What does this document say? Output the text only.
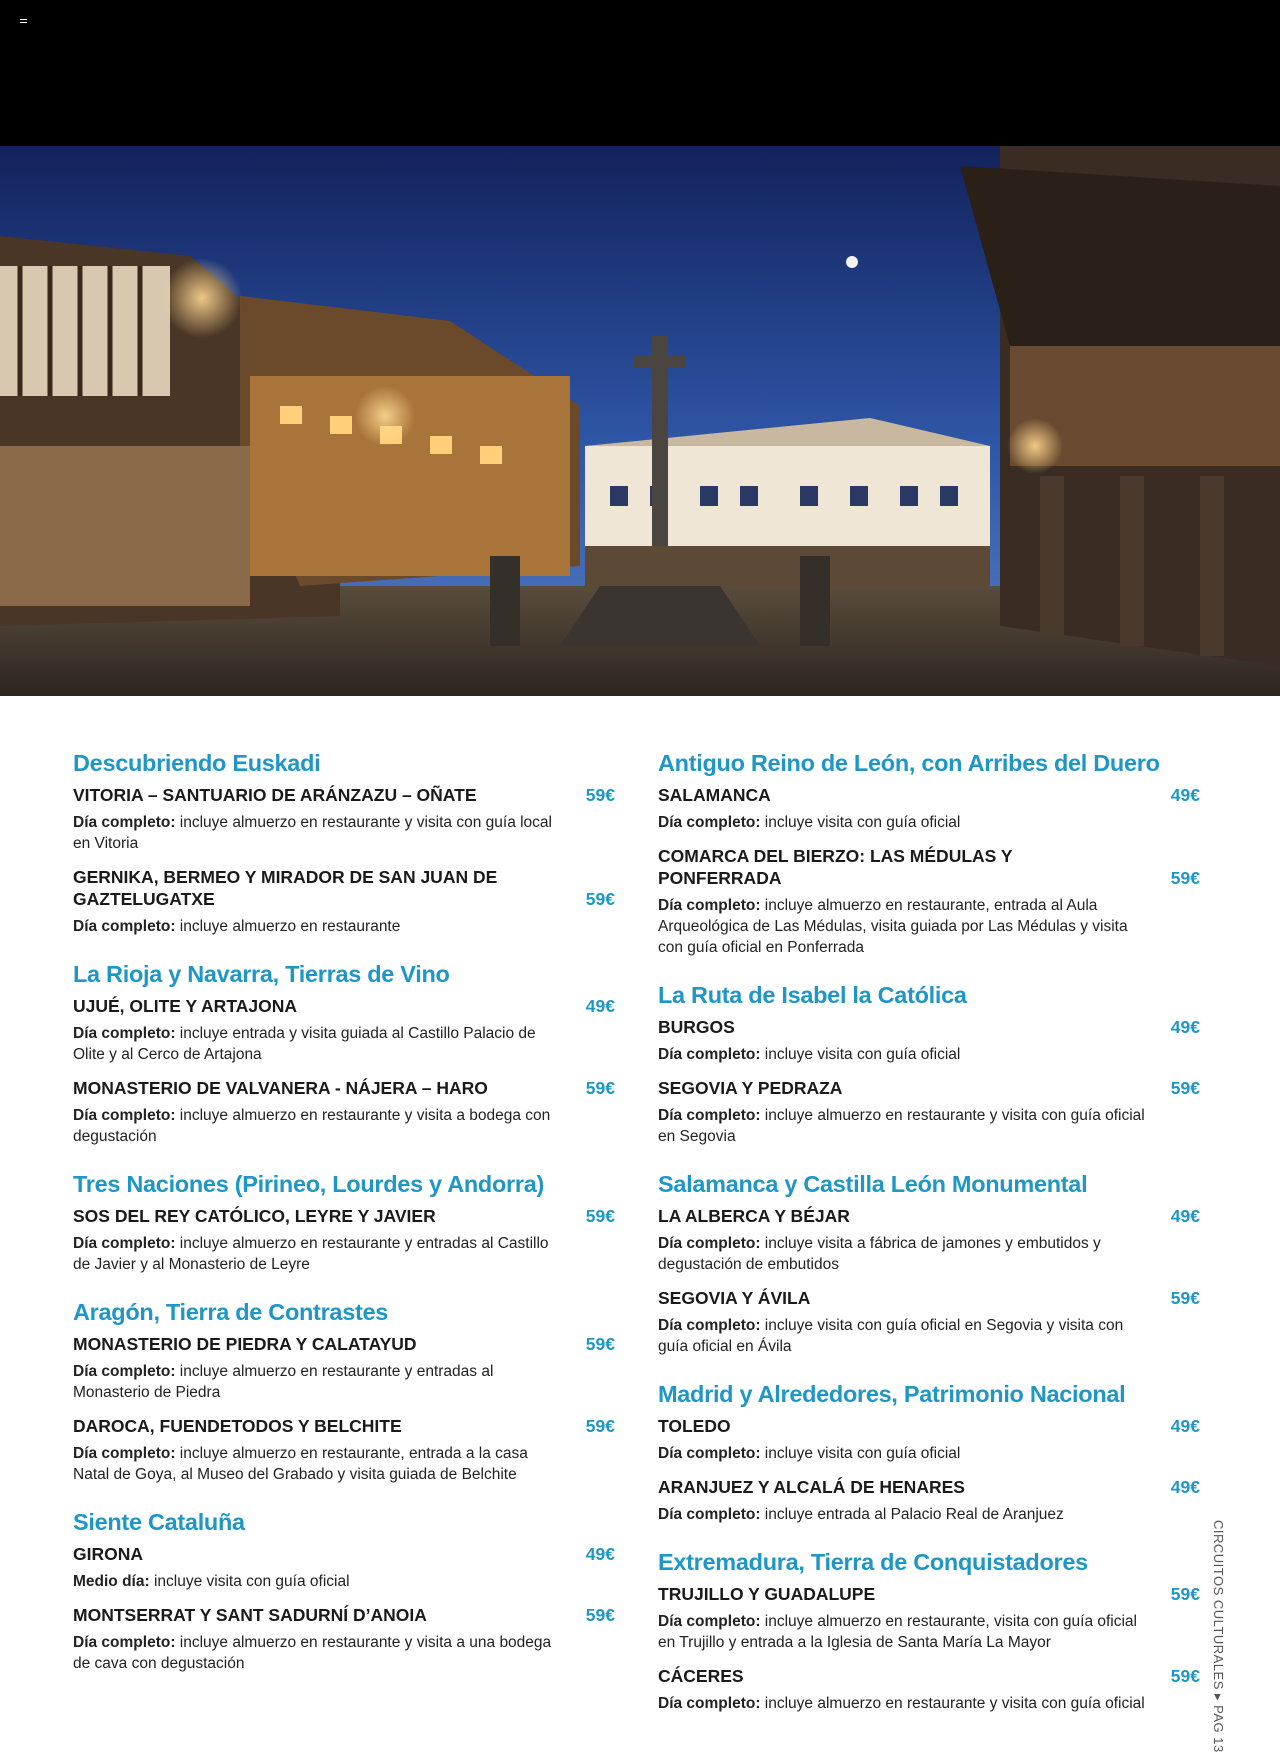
Descubriendo Euskadi
VITORIA – SANTUARIO DE ARÁNZAZU – OÑATE	59€
Día completo: incluye almuerzo en restaurante y visita con guía local en Vitoria
GERNIKA, BERMEO Y MIRADOR DE SAN JUAN DE GAZTELUGATXE	59€
Día completo: incluye almuerzo en restaurante
La Rioja y Navarra, Tierras de Vino
UJUÉ, OLITE Y ARTAJONA	49€
Día completo: incluye entrada y visita guiada al Castillo Palacio de Olite y al Cerco de Artajona
MONASTERIO DE VALVANERA - NÁJERA – HARO	59€
Día completo: incluye almuerzo en restaurante y visita a bodega con degustación
Tres Naciones (Pirineo, Lourdes y Andorra)
SOS DEL REY CATÓLICO, LEYRE Y JAVIER	59€
Día completo: incluye almuerzo en restaurante y entradas al Castillo de Javier y al Monasterio de Leyre
Aragón, Tierra de Contrastes
MONASTERIO DE PIEDRA Y CALATAYUD	59€
Día completo: incluye almuerzo en restaurante y entradas al Monasterio de Piedra
DAROCA, FUENDETODOS Y BELCHITE	59€
Día completo: incluye almuerzo en restaurante, entrada a la casa Natal de Goya, al Museo del Grabado y visita guiada de Belchite
Siente Cataluña
GIRONA	49€
Medio día: incluye visita con guía oficial
MONTSERRAT Y SANT SADURNÍ D’ANOIA	59€
Día completo: incluye almuerzo en restaurante y visita a una bodega de cava con degustación
Antiguo Reino de León, con Arribes del Duero
SALAMANCA	49€
Día completo: incluye visita con guía oficial
COMARCA DEL BIERZO: LAS MÉDULAS Y PONFERRADA	59€
Día completo: incluye almuerzo en restaurante, entrada al Aula Arqueológica de Las Médulas, visita guiada por Las Médulas y visita con guía oficial en Ponferrada
La Ruta de Isabel la Católica
BURGOS	49€
Día completo: incluye visita con guía oficial
SEGOVIA Y PEDRAZA	59€
Día completo: incluye almuerzo en restaurante y visita con guía oficial en Segovia
Salamanca y Castilla León Monumental
LA ALBERCA Y BÉJAR	49€
Día completo: incluye visita a fábrica de jamones y embutidos y degustación de embutidos
SEGOVIA Y ÁVILA	59€
Día completo: incluye visita con guía oficial en Segovia y visita con guía oficial en Ávila
Madrid y Alrededores, Patrimonio Nacional
TOLEDO	49€
Día completo: incluye visita con guía oficial
ARANJUEZ Y ALCALÁ DE HENARES	49€
Día completo: incluye entrada al Palacio Real de Aranjuez
Extremadura, Tierra de Conquistadores
TRUJILLO Y GUADALUPE	59€
Día completo: incluye almuerzo en restaurante, visita con guía oficial en Trujillo y entrada a la Iglesia de Santa María La Mayor
CÁCERES	59€
Día completo: incluye almuerzo en restaurante y visita con guía oficial	CIRCUITOS CULTURALES ▸ PAG 13
